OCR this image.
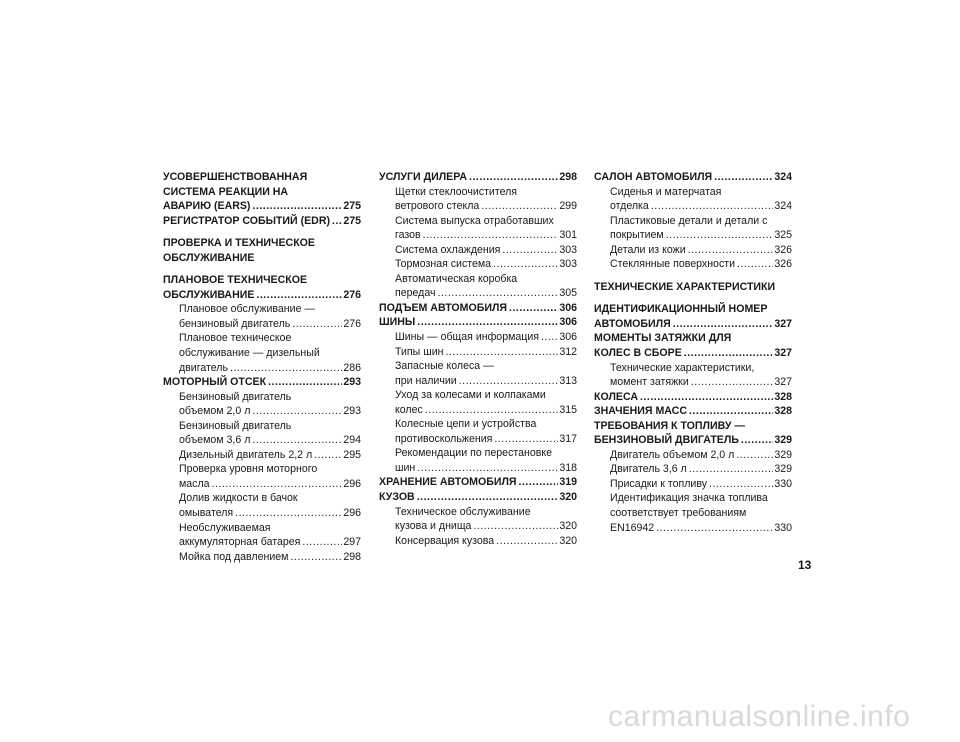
УСОВЕРШЕНСТВОВАННАЯ
СИСТЕМА РЕАКЦИИ НА
АВАРИЮ (EARS) .....	275
РЕГИСТРАТОР СОБЫТИЙ (EDR) ..... 275
ПРОВЕРКА И ТЕХНИЧЕСКОЕ
ОБСЛУЖИВАНИЕ
ПЛАНОВОЕ ТЕХНИЧЕСКОЕ
ОБСЛУЖИВАНИЕ .....	276
Плановое обслуживание —
бензиновый двигатель .....	276
Плановое техническое
обслуживание — дизельный
двигатель .....	286
МОТОРНЫЙ ОТСЕК .....	293
Бензиновый двигатель
объемом 2,0 л .....	293
Бензиновый двигатель
объемом 3,6 л .....	294
Дизельный двигатель 2,2 л .....	295
Проверка уровня моторного
масла .....	296
Долив жидкости в бачок
омывателя .....	296
Необслуживаемая
аккумуляторная батарея .....	297
Мойка под давлением .....	298
УСЛУГИ ДИЛЕРА .....	298
Щетки стеклоочистителя
ветрового стекла .....	299
Система выпуска отработавших
газов .....	301
Система охлаждения .....	303
Тормозная система .....	303
Автоматическая коробка
передач .....	305
ПОДЪЕМ АВТОМОБИЛЯ .....	306
ШИНЫ .....	306
Шины — общая информация ..... 306
Типы шин .....	312
Запасные колеса —
при наличии .....	313
Уход за колесами и колпаками
колес .....	315
Колесные цепи и устройства
противоскольжения .....	317
Рекомендации по перестановке
шин .....	318
ХРАНЕНИЕ АВТОМОБИЛЯ .....	319
КУЗОВ .....	320
Техническое обслуживание
кузова и днища .....	320
Консервация кузова .....	320
САЛОН АВТОМОБИЛЯ .....	324
Сиденья и матерчатая
отделка .....	324
Пластиковые детали и детали с
покрытием .....	325
Детали из кожи .....	326
Стеклянные поверхности .....	326
ТЕХНИЧЕСКИЕ ХАРАКТЕРИСТИКИ
ИДЕНТИФИКАЦИОННЫЙ НОМЕР
АВТОМОБИЛЯ .....	327
МОМЕНТЫ ЗАТЯЖКИ ДЛЯ
КОЛЕС В СБОРЕ .....	327
Технические характеристики,
момент затяжки .....	327
КОЛЕСА .....	328
ЗНАЧЕНИЯ МАСС .....	328
ТРЕБОВАНИЯ К ТОПЛИВУ —
БЕНЗИНОВЫЙ ДВИГАТЕЛЬ .....	329
Двигатель объемом 2,0 л .....	329
Двигатель 3,6 л .....	329
Присадки к топливу .....	330
Идентификация значка топлива
соответствует требованиям
EN16942 .....	330
13
carmanualsonline.info
